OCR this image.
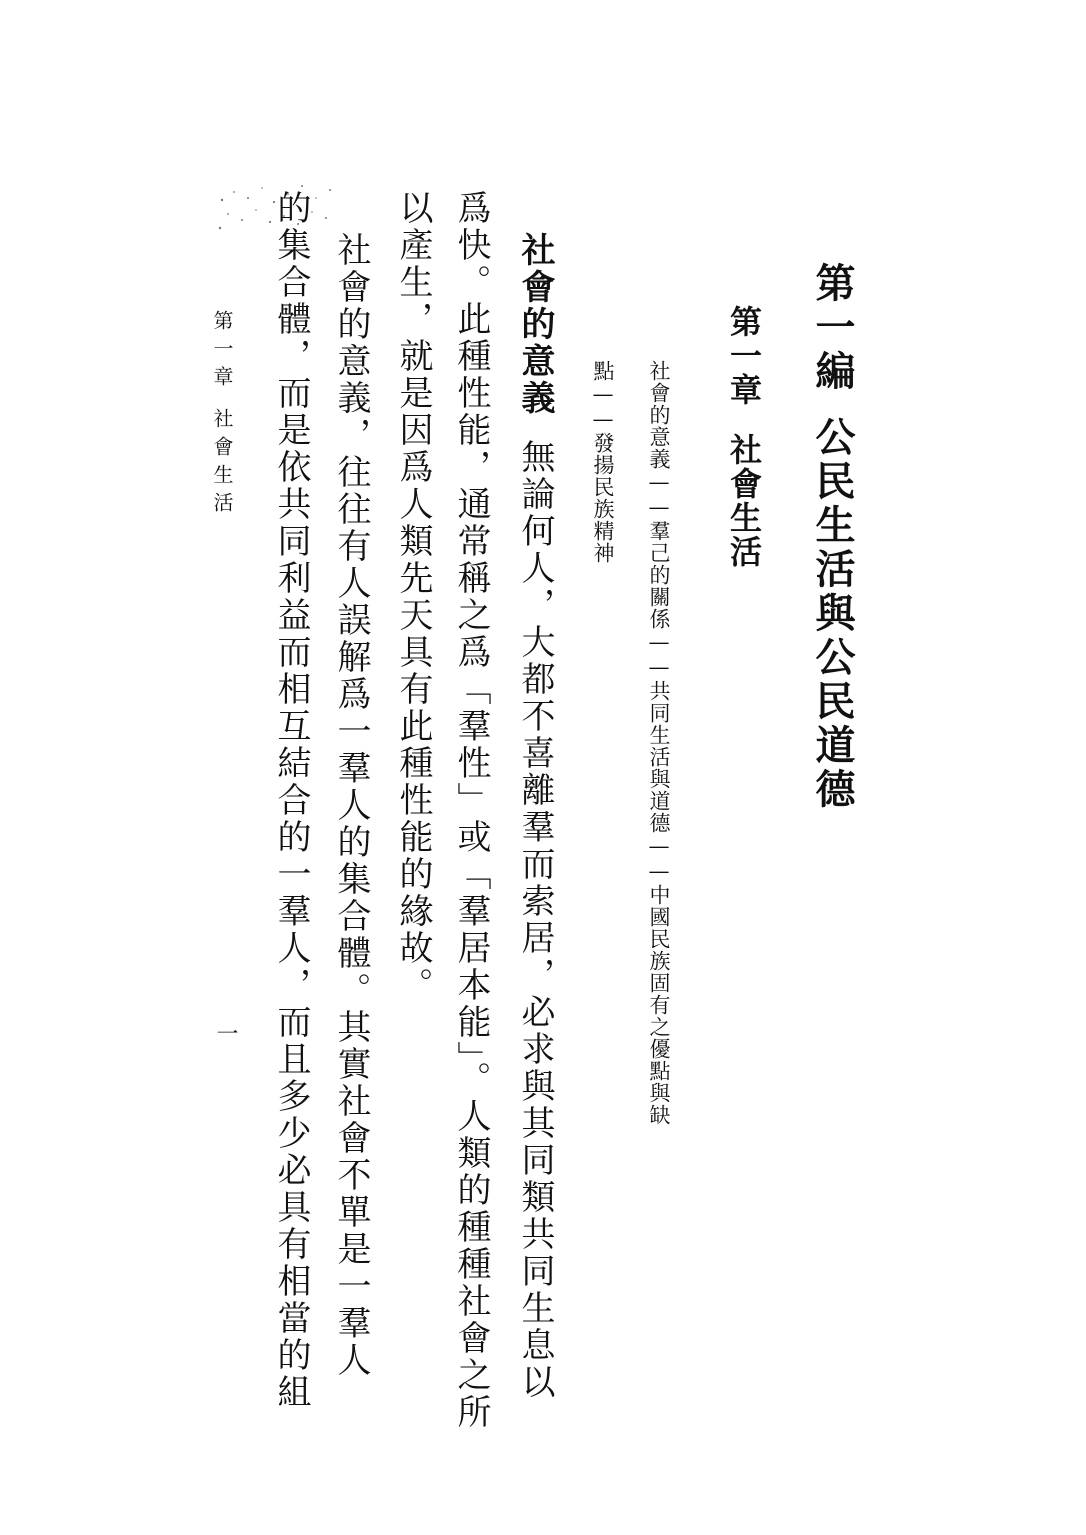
第一編公民生活與公民道德
第一章社會生活
社會的意義——羣己的關係——共同生活與道德——中國民族固有之優點與缺
點——發揚民族精神
社會的意義無論何人，大都不喜離羣而索居，必求與其同類共同生息以
爲快。此種性能，通常稱之爲「羣性」或「羣居本能」。人類的種種社會之所
以產生，就是因爲人類先天具有此種性能的緣故。
社會的意義，往往有人誤解爲一羣人的集合體。其實社會不單是一羣人
的集合體，而是依共同利益而相互結合的一羣人，而且多少必具有相當的組
第一章社會生活
一
